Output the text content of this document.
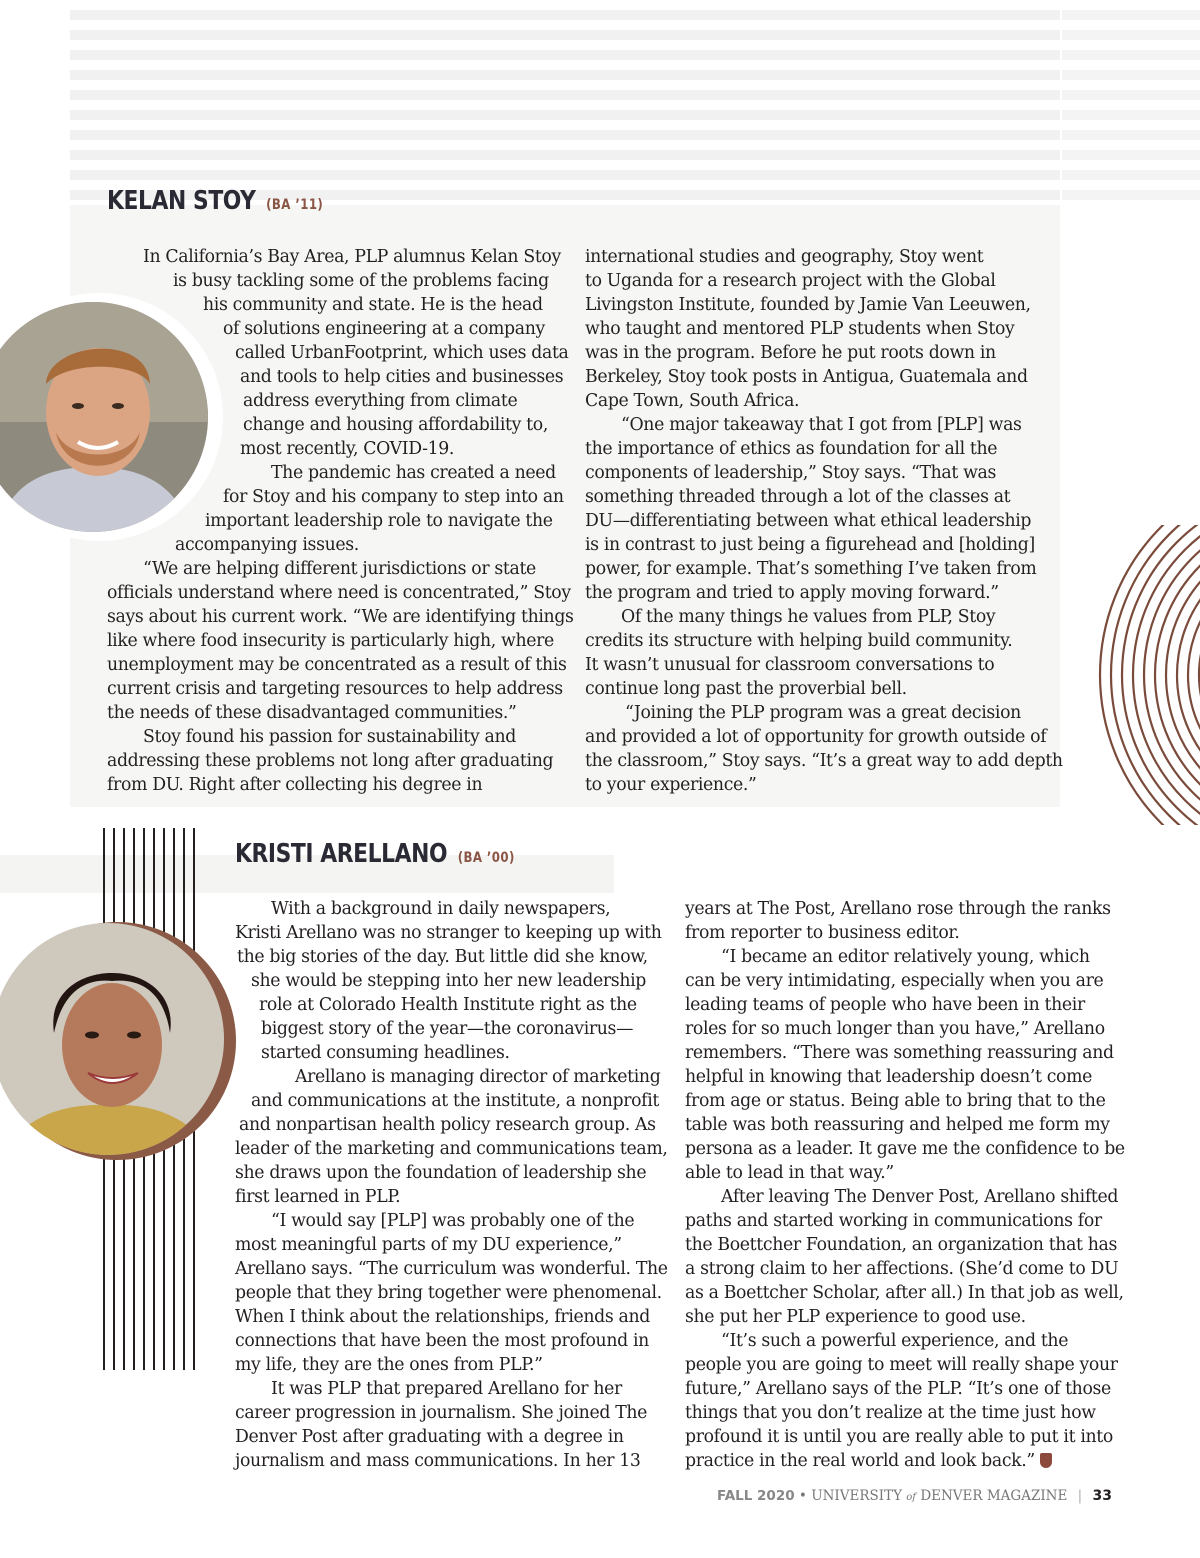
KELAN STOY (BA ’11)
In California’s Bay Area, PLP alumnus Kelan Stoy
is busy tackling some of the problems facing
his community and state. He is the head
of solutions engineering at a company
called UrbanFootprint, which uses data
and tools to help cities and businesses
address everything from climate
change and housing affordability to,
most recently, COVID-19.
The pandemic has created a need
for Stoy and his company to step into an
important leadership role to navigate the
accompanying issues.
“We are helping different jurisdictions or state
officials understand where need is concentrated,” Stoy
says about his current work. “We are identifying things
like where food insecurity is particularly high, where
unemployment may be concentrated as a result of this
current crisis and targeting resources to help address
the needs of these disadvantaged communities.”
Stoy found his passion for sustainability and
addressing these problems not long after graduating
from DU. Right after collecting his degree in
international studies and geography, Stoy went
to Uganda for a research project with the Global
Livingston Institute, founded by Jamie Van Leeuwen,
who taught and mentored PLP students when Stoy
was in the program. Before he put roots down in
Berkeley, Stoy took posts in Antigua, Guatemala and
Cape Town, South Africa.
“One major takeaway that I got from [PLP] was
the importance of ethics as foundation for all the
components of leadership,” Stoy says. “That was
something threaded through a lot of the classes at
DU—differentiating between what ethical leadership
is in contrast to just being a figurehead and [holding]
power, for example. That’s something I’ve taken from
the program and tried to apply moving forward.”
Of the many things he values from PLP, Stoy
credits its structure with helping build community.
It wasn’t unusual for classroom conversations to
continue long past the proverbial bell.
“Joining the PLP program was a great decision
and provided a lot of opportunity for growth outside of
the classroom,” Stoy says. “It’s a great way to add depth
to your experience.”
KRISTI ARELLANO (BA ’00)
With a background in daily newspapers,
Kristi Arellano was no stranger to keeping up with
the big stories of the day. But little did she know,
she would be stepping into her new leadership
role at Colorado Health Institute right as the
biggest story of the year—the coronavirus—
started consuming headlines.
Arellano is managing director of marketing
and communications at the institute, a nonprofit
and nonpartisan health policy research group. As
leader of the marketing and communications team,
she draws upon the foundation of leadership she
first learned in PLP.
“I would say [PLP] was probably one of the
most meaningful parts of my DU experience,”
Arellano says. “The curriculum was wonderful. The
people that they bring together were phenomenal.
When I think about the relationships, friends and
connections that have been the most profound in
my life, they are the ones from PLP.”
It was PLP that prepared Arellano for her
career progression in journalism. She joined The
Denver Post after graduating with a degree in
journalism and mass communications. In her 13
years at The Post, Arellano rose through the ranks
from reporter to business editor.
“I became an editor relatively young, which
can be very intimidating, especially when you are
leading teams of people who have been in their
roles for so much longer than you have,” Arellano
remembers. “There was something reassuring and
helpful in knowing that leadership doesn’t come
from age or status. Being able to bring that to the
table was both reassuring and helped me form my
persona as a leader. It gave me the confidence to be
able to lead in that way.”
After leaving The Denver Post, Arellano shifted
paths and started working in communications for
the Boettcher Foundation, an organization that has
a strong claim to her affections. (She’d come to DU
as a Boettcher Scholar, after all.) In that job as well,
she put her PLP experience to good use.
“It’s such a powerful experience, and the
people you are going to meet will really shape your
future,” Arellano says of the PLP. “It’s one of those
things that you don’t realize at the time just how
profound it is until you are really able to put it into
practice in the real world and look back.”
FALL 2020 • UNIVERSITY of DENVER MAGAZINE | 33
